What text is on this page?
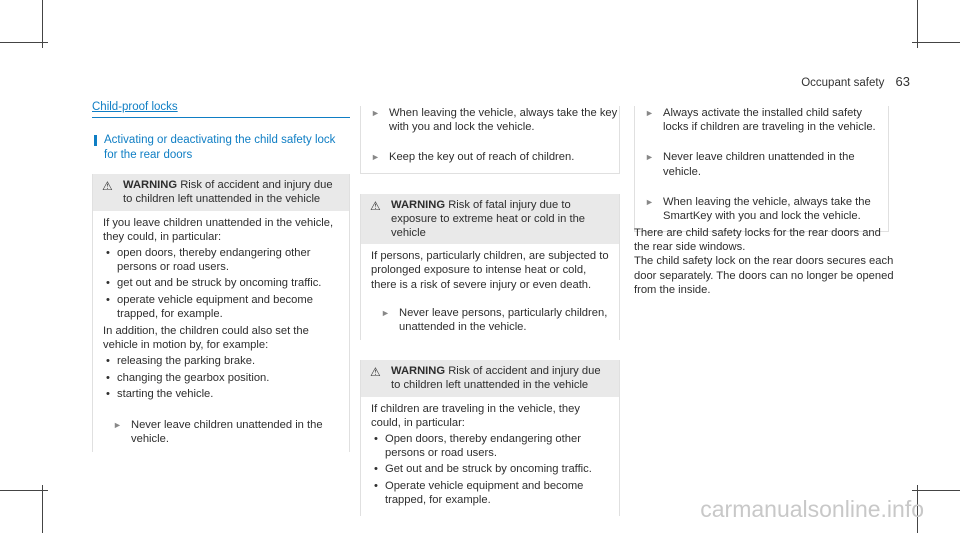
Occupant safety 63
Child-proof locks
Activating or deactivating the child safety lock for the rear doors
⚠ WARNING Risk of accident and injury due to children left unattended in the vehicle

If you leave children unattended in the vehicle, they could, in particular:

• open doors, thereby endangering other persons or road users.
• get out and be struck by oncoming traffic.
• operate vehicle equipment and become trapped, for example.

In addition, the children could also set the vehicle in motion by, for example:

• releasing the parking brake.
• changing the gearbox position.
• starting the vehicle.

► Never leave children unattended in the vehicle.

► When leaving the vehicle, always take the key with you and lock the vehicle.

► Keep the key out of reach of children.

⚠ WARNING Risk of fatal injury due to exposure to extreme heat or cold in the vehicle

If persons, particularly children, are subjected to prolonged exposure to intense heat or cold, there is a risk of severe injury or even death.

► Never leave persons, particularly children, unattended in the vehicle.

⚠ WARNING Risk of accident and injury due to children left unattended in the vehicle

If children are traveling in the vehicle, they could, in particular:

• Open doors, thereby endangering other persons or road users.
• Get out and be struck by oncoming traffic.
• Operate vehicle equipment and become trapped, for example.

► Always activate the installed child safety locks if children are traveling in the vehicle.

► Never leave children unattended in the vehicle.

► When leaving the vehicle, always take the SmartKey with you and lock the vehicle.

There are child safety locks for the rear doors and the rear side windows.

The child safety lock on the rear doors secures each door separately. The doors can no longer be opened from the inside.

carmanualsonline.info
